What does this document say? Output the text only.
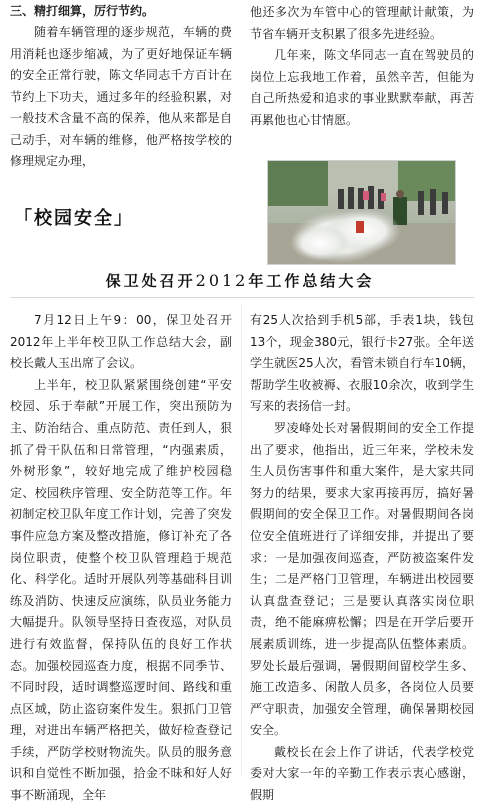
三、精打细算，厉行节约。

随着车辆管理的逐步规范，车辆的费用消耗也逐步缩减，为了更好地保证车辆的安全正常行驶，陈文华同志千方百计在节约上下功夫，通过多年的经验积累，对一般技术含量不高的保养，他从来都是自己动手，对车辆的维修，他严格按学校的修理规定办理，

他还多次为车管中心的管理献计献策，为节省车辆开支积累了很多先进经验。

几年来，陈文华同志一直在驾驶员的岗位上忘我地工作着，虽然辛苦，但能为自己所热爱和追求的事业默默奉献，再苦再累他也心甘情愿。

「校园安全」
保卫处召开2012年工作总结大会

7月12日上午9：00，保卫处召开2012年上半年校卫队工作总结大会，副校长戴人玉出席了会议。

上半年，校卫队紧紧围绕创建“平安校园、乐于奉献”开展工作，突出预防为主、防治结合、重点防范、责任到人，狠抓了骨干队伍和日常管理，“内强素质，外树形象”，较好地完成了维护校园稳定、校园秩序管理、安全防范等工作。年初制定校卫队年度工作计划，完善了突发事件应急方案及整改措施，修订补充了各岗位职责，使整个校卫队管理趋于规范化、科学化。适时开展队列等基础科目训练及消防、快速反应演练，队员业务能力大幅提升。队领导坚持日查夜巡，对队员进行有效监督，保持队伍的良好工作状态。加强校园巡查力度，根据不同季节、不同时段，适时调整巡逻时间、路线和重点区域，防止盗窃案件发生。狠抓门卫管理，对进出车辆严格把关，做好检查登记手续，严防学校财物流失。队员的服务意识和自觉性不断加强，拾金不昧和好人好事不断涌现，全年

有25人次拾到手机5部，手表1块，钱包13个，现金380元，银行卡27张。全年送学生就医25人次，看管未锁自行车10辆，帮助学生收被褥、衣服10余次，收到学生写来的表扬信一封。

罗凌峰处长对暑假期间的安全工作提出了要求，他指出，近三年来，学校未发生人员伤害事件和重大案件，是大家共同努力的结果，要求大家再接再厉，搞好暑假期间的安全保卫工作。对暑假期间各岗位安全值班进行了详细安排，并提出了要求：一是加强夜间巡查，严防被盗案件发生；二是严格门卫管理，车辆进出校园要认真盘查登记；三是要认真落实岗位职责，绝不能麻痹松懈；四是在开学后要开展素质训练，进一步提高队伍整体素质。罗处长最后强调，暑假期间留校学生多、施工改造多、闲散人员多，各岗位人员要严守职责，加强安全管理，确保暑期校园安全。

戴校长在会上作了讲话，代表学校党委对大家一年的辛勤工作表示衷心感谢，假期
